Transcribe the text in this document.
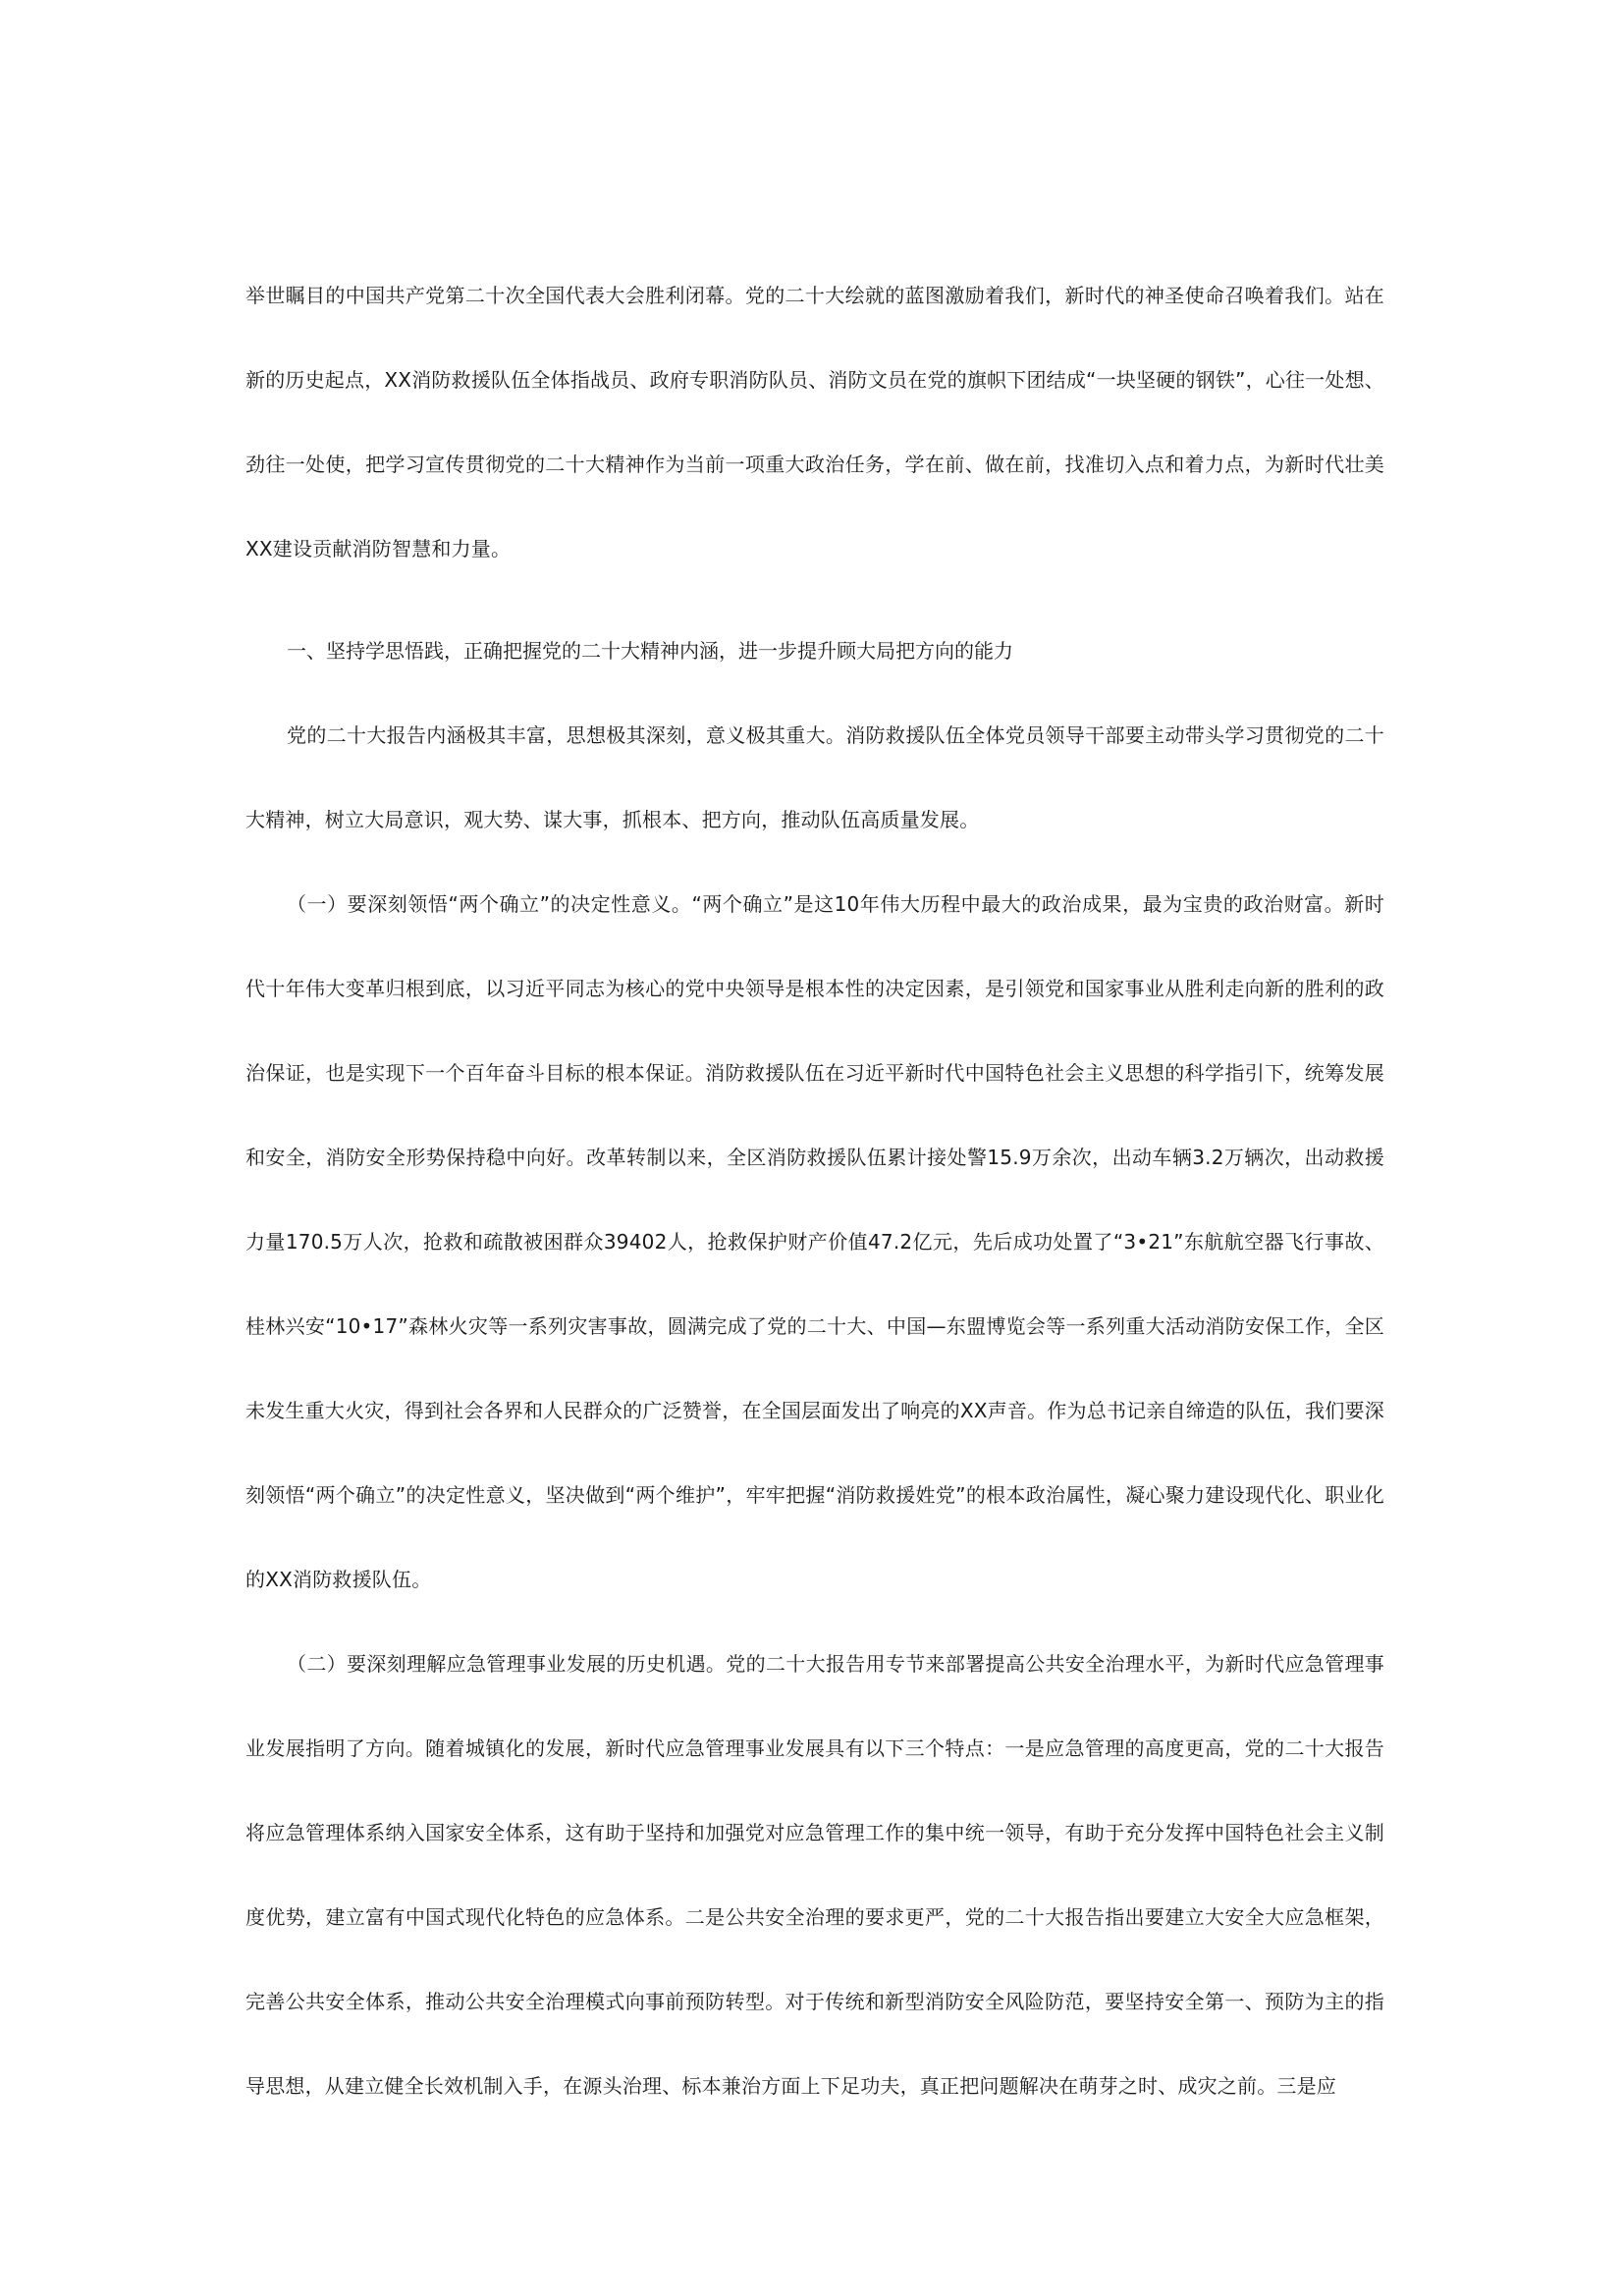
举世瞩目的中国共产党第二十次全国代表大会胜利闭幕。党的二十大绘就的蓝图激励着我们，新时代的神圣使命召唤着我们。站在新的历史起点，XX消防救援队伍全体指战员、政府专职消防队员、消防文员在党的旗帜下团结成“一块坚硬的钢铁”，心往一处想、劲往一处使，把学习宣传贯彻党的二十大精神作为当前一项重大政治任务，学在前、做在前，找准切入点和着力点，为新时代壮美XX建设贡献消防智慧和力量。

一、坚持学思悟践，正确把握党的二十大精神内涵，进一步提升顾大局把方向的能力

党的二十大报告内涵极其丰富，思想极其深刻，意义极其重大。消防救援队伍全体党员领导干部要主动带头学习贯彻党的二十大精神，树立大局意识，观大势、谋大事，抓根本、把方向，推动队伍高质量发展。

（一）要深刻领悟“两个确立”的决定性意义。“两个确立”是这10年伟大历程中最大的政治成果，最为宝贵的政治财富。新时代十年伟大变革归根到底，以习近平同志为核心的党中央领导是根本性的决定因素，是引领党和国家事业从胜利走向新的胜利的政治保证，也是实现下一个百年奋斗目标的根本保证。消防救援队伍在习近平新时代中国特色社会主义思想的科学指引下，统筹发展和安全，消防安全形势保持稳中向好。改革转制以来，全区消防救援队伍累计接处警15.9万余次，出动车辆3.2万辆次，出动救援力量170.5万人次，抢救和疏散被困群众39402人，抢救保护财产价值47.2亿元，先后成功处置了“3•21”东航航空器飞行事故、桂林兴安“10•17”森林火灾等一系列灾害事故，圆满完成了党的二十大、中国—东盟博览会等一系列重大活动消防安保工作，全区未发生重大火灾，得到社会各界和人民群众的广泛赞誉，在全国层面发出了响亮的XX声音。作为总书记亲自缔造的队伍，我们要深刻领悟“两个确立”的决定性意义，坚决做到“两个维护”，牢牢把握“消防救援姓党”的根本政治属性，凝心聚力建设现代化、职业化的XX消防救援队伍。

（二）要深刻理解应急管理事业发展的历史机遇。党的二十大报告用专节来部署提高公共安全治理水平，为新时代应急管理事业发展指明了方向。随着城镇化的发展，新时代应急管理事业发展具有以下三个特点：一是应急管理的高度更高，党的二十大报告将应急管理体系纳入国家安全体系，这有助于坚持和加强党对应急管理工作的集中统一领导，有助于充分发挥中国特色社会主义制度优势，建立富有中国式现代化特色的应急体系。二是公共安全治理的要求更严，党的二十大报告指出要建立大安全大应急框架，完善公共安全体系，推动公共安全治理模式向事前预防转型。对于传统和新型消防安全风险防范，要坚持安全第一、预防为主的指导思想，从建立健全长效机制入手，在源头治理、标本兼治方面上下足功夫，真正把问题解决在萌芽之时、成灾之前。三是应
